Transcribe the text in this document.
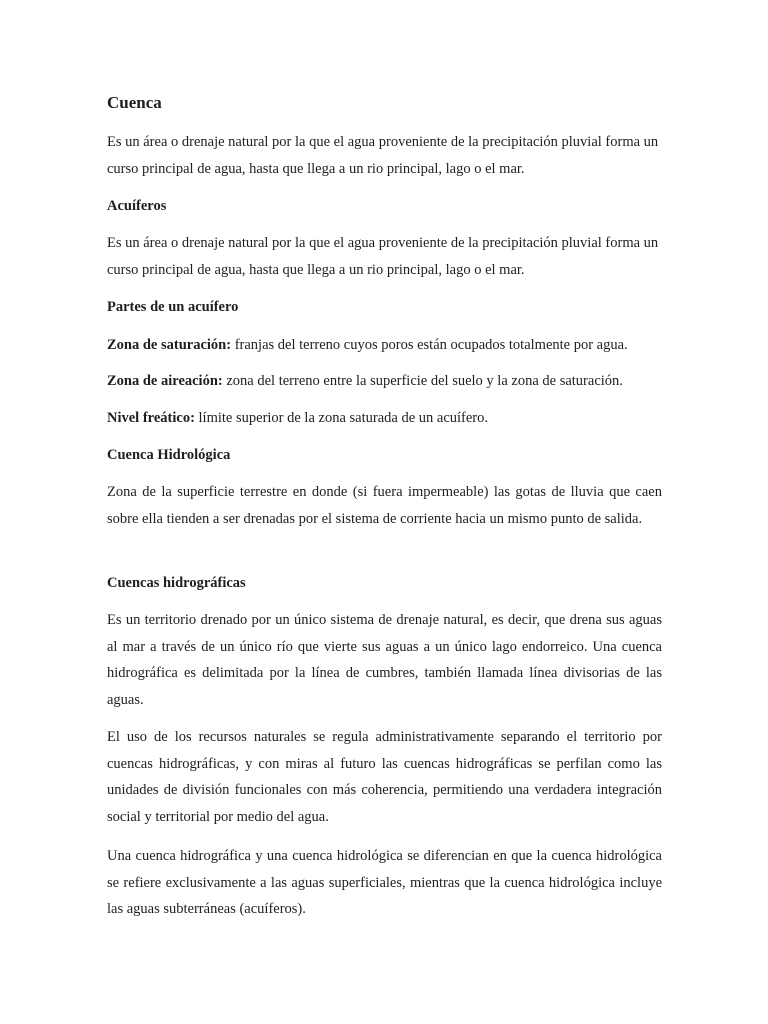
Cuenca

Es un área o drenaje natural por la que el agua proveniente de la precipitación pluvial forma un curso principal de agua, hasta que llega a un rio principal, lago o el mar.

Acuíferos

Es un área o drenaje natural por la que el agua proveniente de la precipitación pluvial forma un curso principal de agua, hasta que llega a un rio principal, lago o el mar.

Partes de un acuífero

Zona de saturación: franjas del terreno cuyos poros están ocupados totalmente por agua.

Zona de aireación: zona del terreno entre la superficie del suelo y la zona de saturación.

Nivel freático: límite superior de la zona saturada de un acuífero.

Cuenca Hidrológica

Zona de la superficie terrestre en donde (si fuera impermeable) las gotas de lluvia que caen sobre ella tienden a ser drenadas por el sistema de corriente hacia un mismo punto de salida.

Cuencas hidrográficas

Es un territorio drenado por un único sistema de drenaje natural, es decir, que drena sus aguas al mar a través de un único río que vierte sus aguas a un único lago endorreico. Una cuenca hidrográfica es delimitada por la línea de cumbres, también llamada línea divisorias de las aguas.

El uso de los recursos naturales se regula administrativamente separando el territorio por cuencas hidrográficas, y con miras al futuro las cuencas hidrográficas se perfilan como las unidades de división funcionales con más coherencia, permitiendo una verdadera integración social y territorial por medio del agua.

Una cuenca hidrográfica y una cuenca hidrológica se diferencian en que la cuenca hidrológica se refiere exclusivamente a las aguas superficiales, mientras que la cuenca hidrológica incluye las aguas subterráneas (acuíferos).
